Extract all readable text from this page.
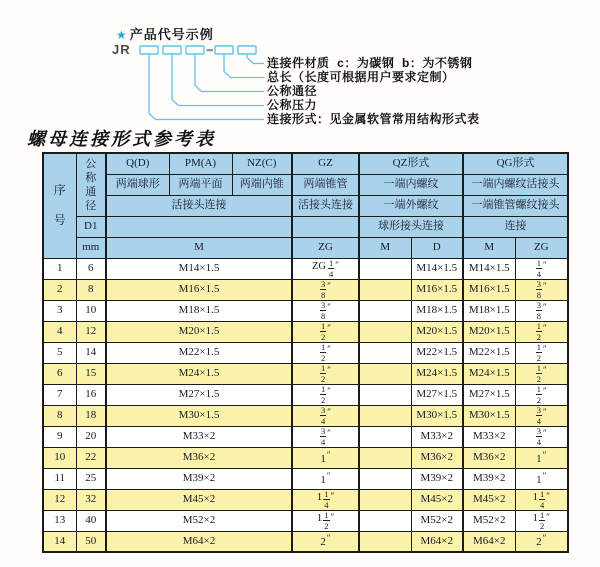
★ 产品代号示例
JR
连接件材质  c：为碳钢  b：为不锈钢
总长（长度可根据用户要求定制）
公称通径
公称压力
连接形式：见金属软管常用结构形式表
螺母连接形式参考表
序
号

公
称
通
径
	Q(D)	PM(A)	NZ(C)	GZ	QZ形式	QG形式
		两端球形	两端平面	两端内锥	两端锥管	一端内螺纹		一端内螺纹活接头	
		活接头连接			活接头连接	一端外螺纹		一端锥管螺纹接头	
	D1					球形接头连接		连接	
	mm	M			ZG	M	D	M	ZG
1	6	M14×1.5			ZG $\frac{1}{4} ''$		M14×1.5	M14×1.5	$\frac{1}{4} ''$
2	8	M16×1.5			$\frac{3}{8} ''$		M16×1.5	M16×1.5	$\frac{3}{8} ''$
3	10	M18×1.5			$\frac{3}{8} ''$		M18×1.5	M18×1.5	$\frac{3}{8} ''$
4	12	M20×1.5			$\frac{1}{2} ''$		M20×1.5	M20×1.5	$\frac{1}{2} ''$
5	14	M22×1.5			$\frac{1}{2} ''$		M22×1.5	M22×1.5	$\frac{1}{2} ''$
6	15	M24×1.5			$\frac{1}{2} ''$		M24×1.5	M24×1.5	$\frac{1}{2} ''$
7	16	M27×1.5			$\frac{1}{2} ''$		M27×1.5	M27×1.5	$\frac{1}{2} ''$
8	18	M30×1.5			$\frac{3}{4} ''$		M30×1.5	M30×1.5	$\frac{3}{4} ''$
9	20	M33×2			$\frac{3}{4} ''$		M33×2	M33×2	$\frac{3}{4} ''$
10	22	M36×2			1″		M36×2	M36×2	1″
11	25	M39×2			1″		M39×2	M39×2	1″
12	32	M45×2			$1 \frac{1}{4} ''$		M45×2	M45×2	$1 \frac{1}{4} ''$
13	40	M52×2			$1 \frac{1}{2} ''$		M52×2	M52×2	$1 \frac{1}{2} ''$
14	50	M64×2			2″		M64×2	M64×2	2″
